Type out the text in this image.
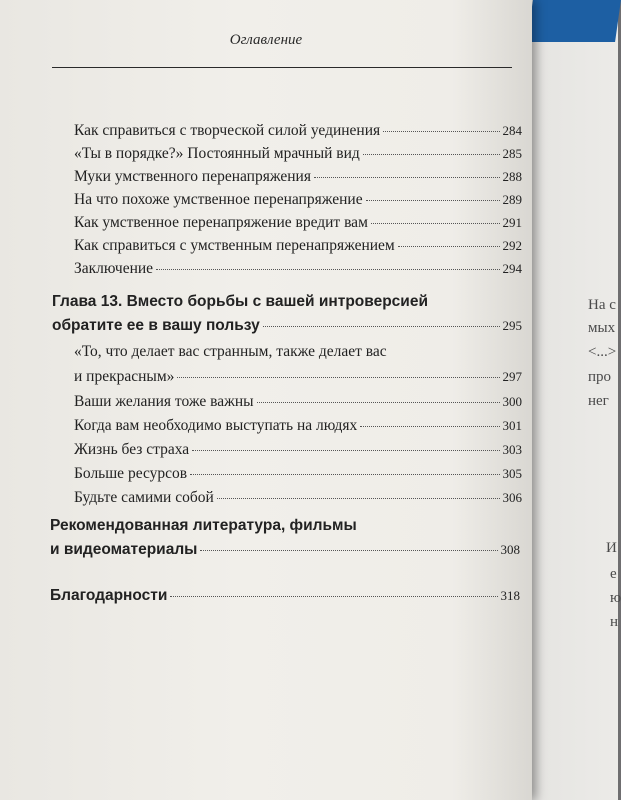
На с
мых
<...>
про
нег
И
е
ю
н
Оглавление
Как справиться с творческой силой уединения	284
«Ты в порядке?» Постоянный мрачный вид	285
Муки умственного перенапряжения	288
На что похоже умственное перенапряжение	289
Как умственное перенапряжение вредит вам	291
Как справиться с умственным перенапряжением	292
Заключение	294
Глава 13. Вместо борьбы с вашей интроверсией
обратите ее в вашу пользу	295
«То, что делает вас странным, также делает вас
и прекрасным»	297
Ваши желания тоже важны	300
Когда вам необходимо выступать на людях	301
Жизнь без страха	303
Больше ресурсов	305
Будьте самими собой	306
Рекомендованная литература, фильмы
и видеоматериалы	308
Благодарности	318
